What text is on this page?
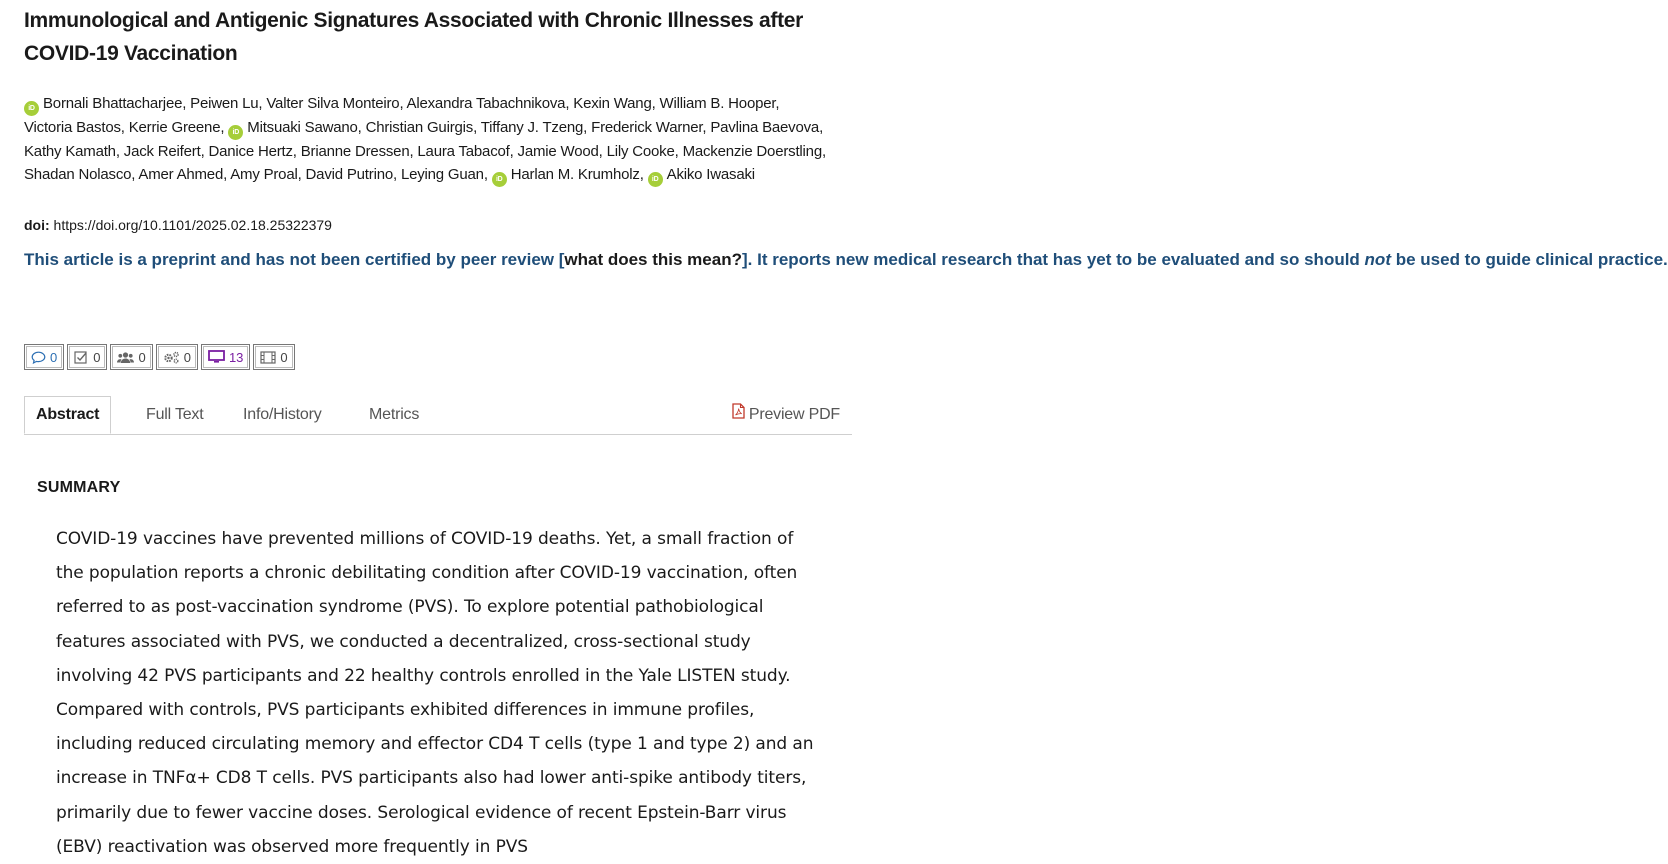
Immunological and Antigenic Signatures Associated with Chronic Illnesses after COVID-19 Vaccination
iD Bornali Bhattacharjee, Peiwen Lu, Valter Silva Monteiro, Alexandra Tabachnikova, Kexin Wang, William B. Hooper, Victoria Bastos, Kerrie Greene, iD Mitsuaki Sawano, Christian Guirgis, Tiffany J. Tzeng, Frederick Warner, Pavlina Baevova, Kathy Kamath, Jack Reifert, Danice Hertz, Brianne Dressen, Laura Tabacof, Jamie Wood, Lily Cooke, Mackenzie Doerstling, Shadan Nolasco, Amer Ahmed, Amy Proal, David Putrino, Leying Guan, iD Harlan M. Krumholz, iD Akiko Iwasaki
doi: https://doi.org/10.1101/2025.02.18.25322379
This article is a preprint and has not been certified by peer review [what does this mean?]. It reports new medical research that has yet to be evaluated and so should not be used to guide clinical practice.
0	0	0	0	13	0
Abstract	Full Text Info/History	Metrics	Preview PDF
SUMMARY

COVID-19 vaccines have prevented millions of COVID-19 deaths. Yet, a small fraction of the population reports a chronic debilitating condition after COVID-19 vaccination, often referred to as post-vaccination syndrome (PVS). To explore potential pathobiological features associated with PVS, we conducted a decentralized, cross-sectional study involving 42 PVS participants and 22 healthy controls enrolled in the Yale LISTEN study. Compared with controls, PVS participants exhibited differences in immune profiles, including reduced circulating memory and effector CD4 T cells (type 1 and type 2) and an increase in TNFα+ CD8 T cells. PVS participants also had lower anti-spike antibody titers, primarily due to fewer vaccine doses. Serological evidence of recent Epstein-Barr virus (EBV) reactivation was observed more frequently in PVS
